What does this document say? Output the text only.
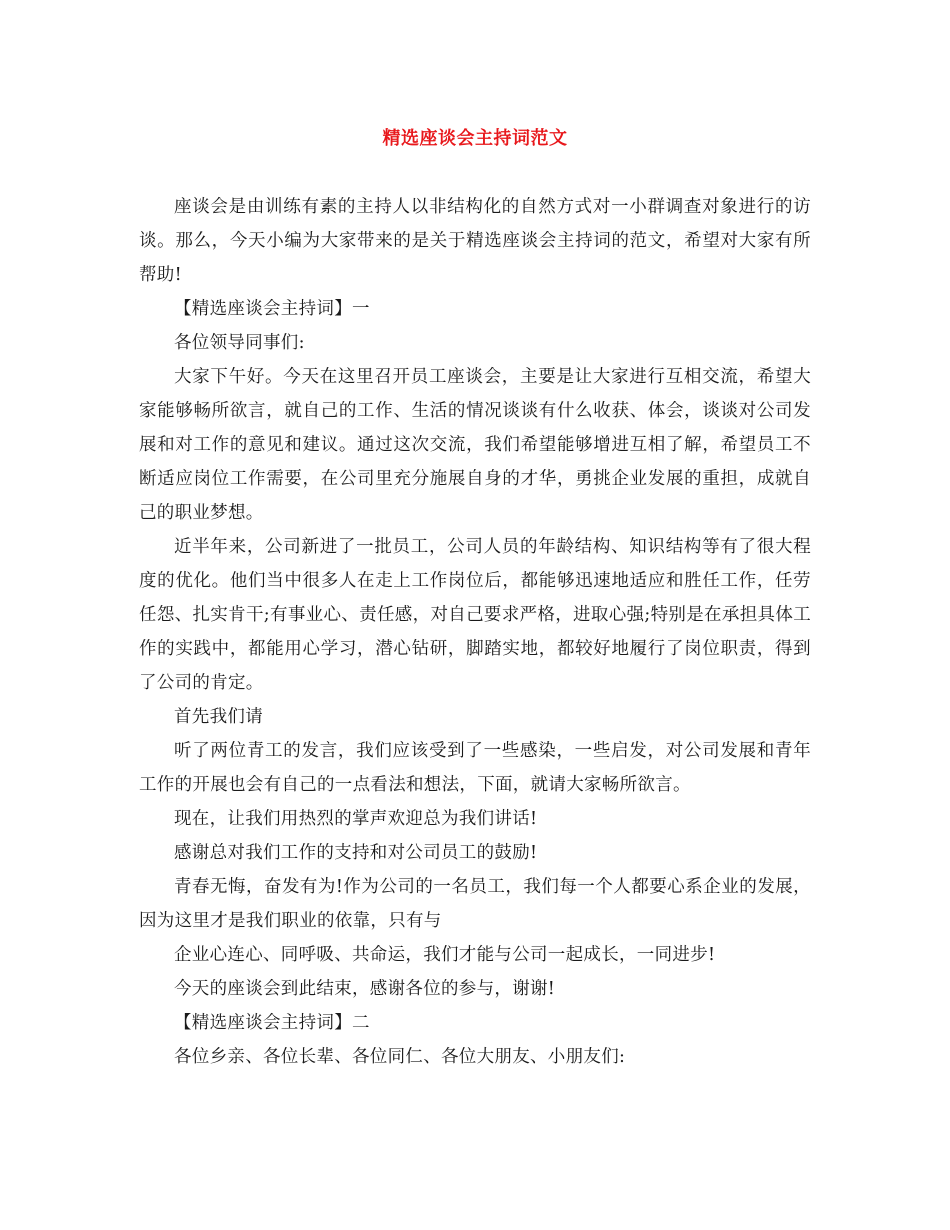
精选座谈会主持词范文

座谈会是由训练有素的主持人以非结构化的自然方式对一小群调查对象进行的访谈。那么，今天小编为大家带来的是关于精选座谈会主持词的范文，希望对大家有所帮助!

【精选座谈会主持词】一

各位领导同事们:

大家下午好。今天在这里召开员工座谈会，主要是让大家进行互相交流，希望大家能够畅所欲言，就自己的工作、生活的情况谈谈有什么收获、体会，谈谈对公司发展和对工作的意见和建议。通过这次交流，我们希望能够增进互相了解，希望员工不断适应岗位工作需要，在公司里充分施展自身的才华，勇挑企业发展的重担，成就自己的职业梦想。

近半年来，公司新进了一批员工，公司人员的年龄结构、知识结构等有了很大程度的优化。他们当中很多人在走上工作岗位后，都能够迅速地适应和胜任工作，任劳任怨、扎实肯干;有事业心、责任感，对自己要求严格，进取心强;特别是在承担具体工作的实践中，都能用心学习，潜心钻研，脚踏实地，都较好地履行了岗位职责，得到了公司的肯定。

首先我们请

听了两位青工的发言，我们应该受到了一些感染，一些启发，对公司发展和青年工作的开展也会有自己的一点看法和想法，下面，就请大家畅所欲言。

现在，让我们用热烈的掌声欢迎总为我们讲话!

感谢总对我们工作的支持和对公司员工的鼓励!

青春无悔，奋发有为!作为公司的一名员工，我们每一个人都要心系企业的发展，因为这里才是我们职业的依靠，只有与

企业心连心、同呼吸、共命运，我们才能与公司一起成长，一同进步!

今天的座谈会到此结束，感谢各位的参与，谢谢!

【精选座谈会主持词】二

各位乡亲、各位长辈、各位同仁、各位大朋友、小朋友们:
